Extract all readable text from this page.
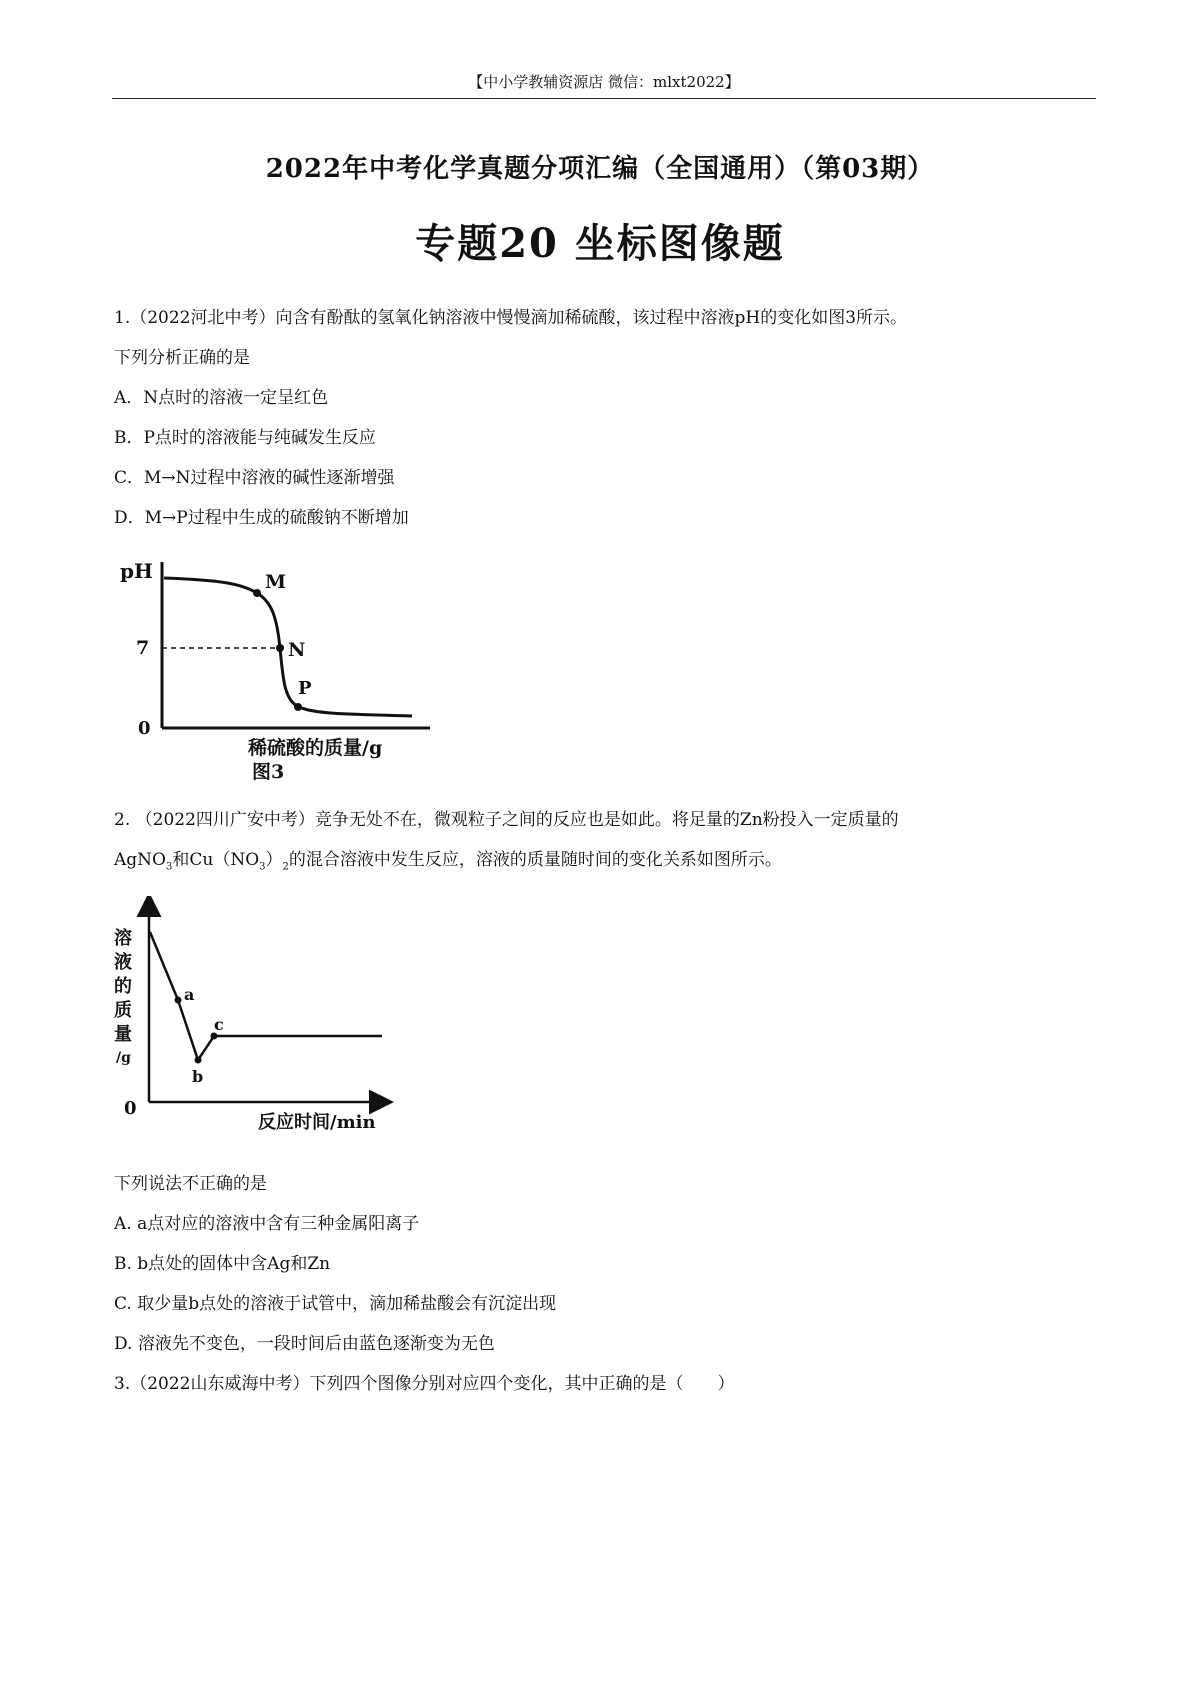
【中小学教辅资源店 微信：mlxt2022】
2022年中考化学真题分项汇编（全国通用）（第03期）
专题20 坐标图像题

1.（2022河北中考）向含有酚酞的氢氧化钠溶液中慢慢滴加稀硫酸，该过程中溶液pH的变化如图3所示。

下列分析正确的是

A．N点时的溶液一定呈红色

B．P点时的溶液能与纯碱发生反应

C．M→N过程中溶液的碱性逐渐增强

D．M→P过程中生成的硫酸钠不断增加

pH
7
0
M
N
P
稀硫酸的质量/g
图3

2. （2022四川广安中考）竞争无处不在，微观粒子之间的反应也是如此。将足量的Zn粉投入一定质量的

AgNO$_3$和$Cu(NO_3)_2$的混合溶液中发生反应，溶液的质量随时间的变化关系如图所示。

a
b
c
溶
液
的
质
量
/g
0
反应时间/min

下列说法不正确的是

A. a点对应的溶液中含有三种金属阳离子

B. b点处的固体中含Ag和Zn

C. 取少量b点处的溶液于试管中，滴加稀盐酸会有沉淀出现

D. 溶液先不变色，一段时间后由蓝色逐渐变为无色

3.（2022山东威海中考）下列四个图像分别对应四个变化，其中正确的是（　　）
